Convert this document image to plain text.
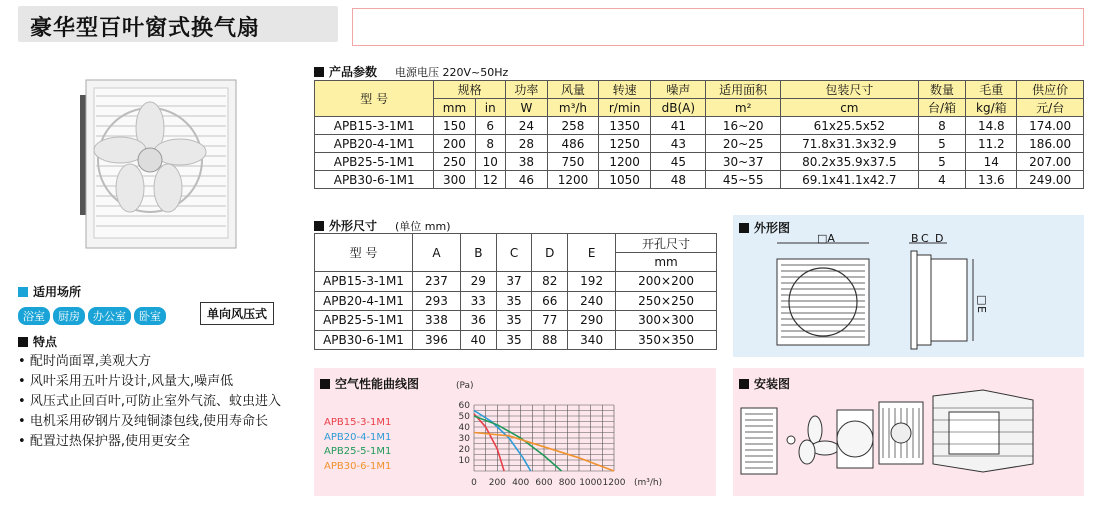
豪华型百叶窗式换气扇
适用场所
浴室 厨房 办公室 卧室	单向风压式
特点
• 配时尚面罩,美观大方
• 风叶采用五叶片设计,风量大,噪声低
• 风压式止回百叶,可防止室外气流、蚊虫进入
• 电机采用矽钢片及纯铜漆包线,使用寿命长
• 配置过热保护器,使用更安全
产品参数 电源电压 220V~50Hz
型 号	规格		功率	风量	转速	噪声	适用面积	包装尺寸	数量	毛重	供应价
	mm	in	W	m³/h	r/min	dB(A)	m²	cm	台/箱	kg/箱	元/台
APB15-3-1M1	150	6	24	258	1350	41	16~20	61x25.5x52	8	14.8	174.00
APB20-4-1M1	200	8	28	486	1250	43	20~25	71.8x31.3x32.9	5	11.2	186.00
APB25-5-1M1	250	10	38	750	1200	45	30~37	80.2x35.9x37.5	5	14	207.00
APB30-6-1M1	300	12	46	1200	1050	48	45~55	69.1x41.1x42.7	4	13.6	249.00
外形尺寸 (单位 mm)
型 号	A	B	C	D	E	开孔尺寸
						mm
APB15-3-1M1	237	29	37	82	192	200×200
APB20-4-1M1	293	33	35	66	240	250×250
APB25-5-1M1	338	36	35	77	290	300×300
APB30-6-1M1	396	40	35	88	340	350×350
外形图
□A	B C D
□E
空气性能曲线图
APB15-3-1M1
APB20-4-1M1
APB25-5-1M1
APB30-6-1M1
0 200 400 600 800 1000 1200
10
20
30
40
50
60
(Pa)
(m³/h)
安装图
